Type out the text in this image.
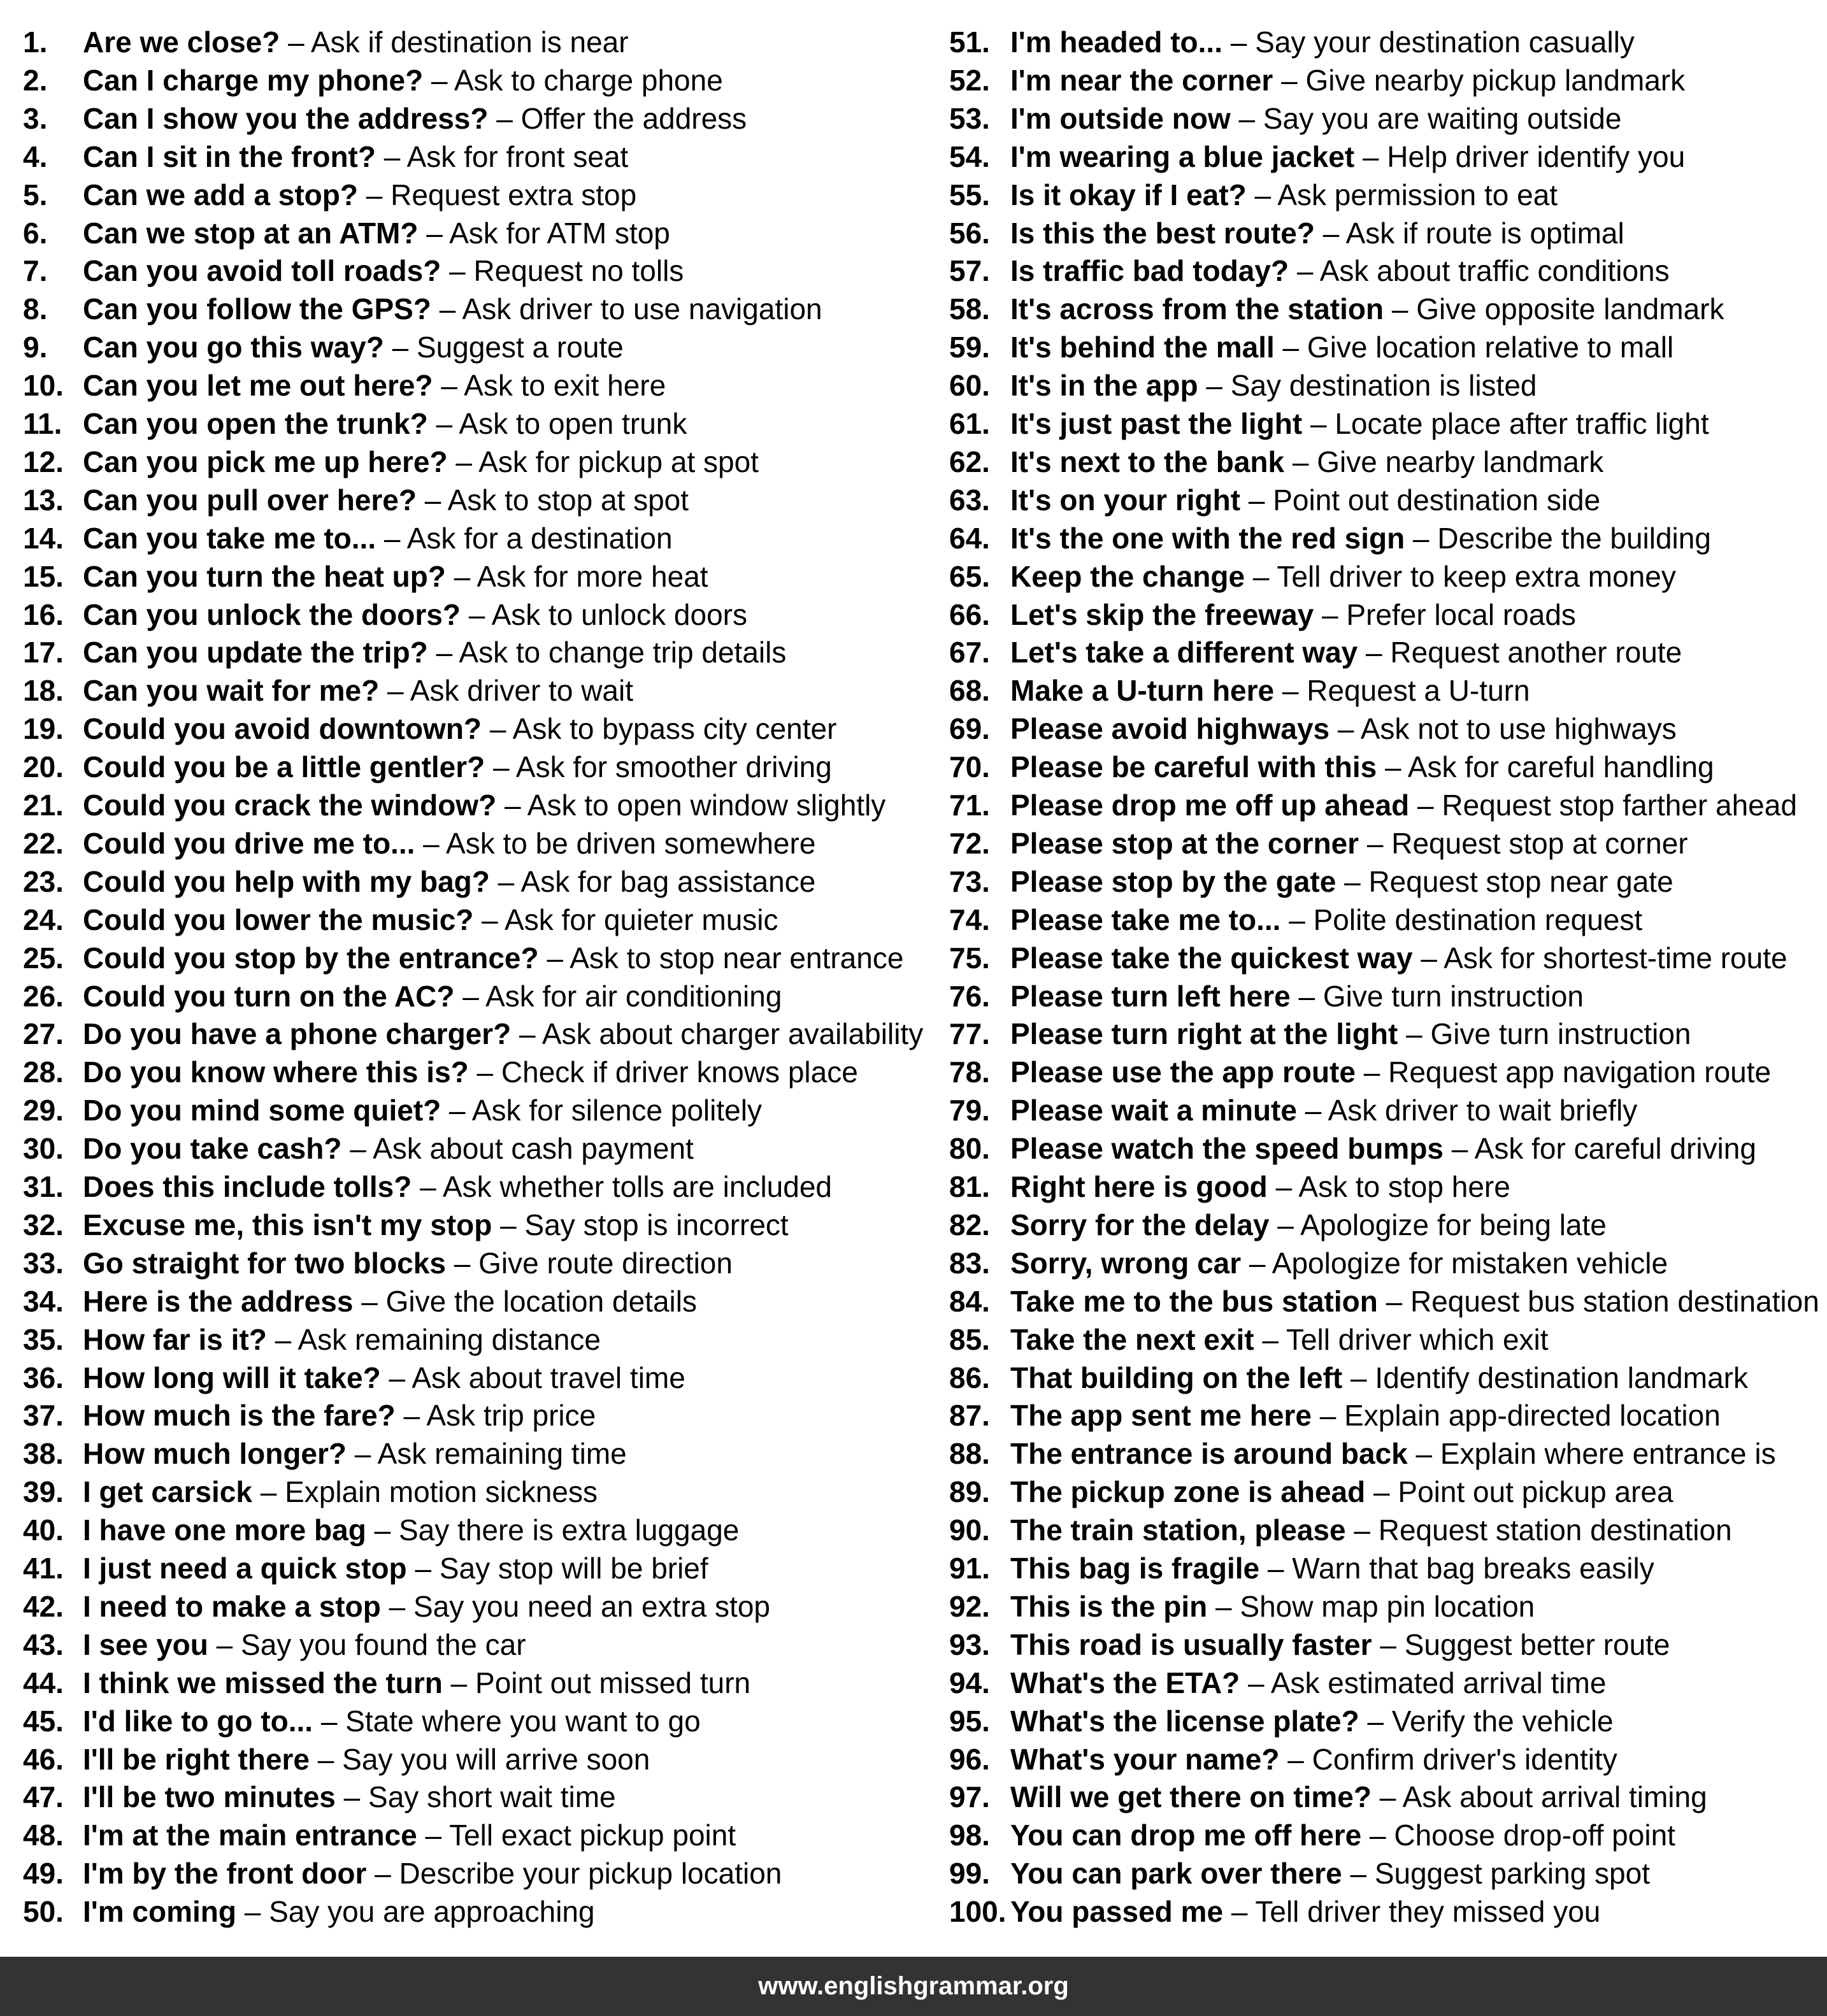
1. Are we close? – Ask if destination is near
2. Can I charge my phone? – Ask to charge phone
3. Can I show you the address? – Offer the address
4. Can I sit in the front? – Ask for front seat
5. Can we add a stop? – Request extra stop
6. Can we stop at an ATM? – Ask for ATM stop
7. Can you avoid toll roads? – Request no tolls
8. Can you follow the GPS? – Ask driver to use navigation
9. Can you go this way? – Suggest a route
10. Can you let me out here? – Ask to exit here
11. Can you open the trunk? – Ask to open trunk
12. Can you pick me up here? – Ask for pickup at spot
13. Can you pull over here? – Ask to stop at spot
14. Can you take me to... – Ask for a destination
15. Can you turn the heat up? – Ask for more heat
16. Can you unlock the doors? – Ask to unlock doors
17. Can you update the trip? – Ask to change trip details
18. Can you wait for me? – Ask driver to wait
19. Could you avoid downtown? – Ask to bypass city center
20. Could you be a little gentler? – Ask for smoother driving
21. Could you crack the window? – Ask to open window slightly
22. Could you drive me to... – Ask to be driven somewhere
23. Could you help with my bag? – Ask for bag assistance
24. Could you lower the music? – Ask for quieter music
25. Could you stop by the entrance? – Ask to stop near entrance
26. Could you turn on the AC? – Ask for air conditioning
27. Do you have a phone charger? – Ask about charger availability
28. Do you know where this is? – Check if driver knows place
29. Do you mind some quiet? – Ask for silence politely
30. Do you take cash? – Ask about cash payment
31. Does this include tolls? – Ask whether tolls are included
32. Excuse me, this isn't my stop – Say stop is incorrect
33. Go straight for two blocks – Give route direction
34. Here is the address – Give the location details
35. How far is it? – Ask remaining distance
36. How long will it take? – Ask about travel time
37. How much is the fare? – Ask trip price
38. How much longer? – Ask remaining time
39. I get carsick – Explain motion sickness
40. I have one more bag – Say there is extra luggage
41. I just need a quick stop – Say stop will be brief
42. I need to make a stop – Say you need an extra stop
43. I see you – Say you found the car
44. I think we missed the turn – Point out missed turn
45. I'd like to go to... – State where you want to go
46. I'll be right there – Say you will arrive soon
47. I'll be two minutes – Say short wait time
48. I'm at the main entrance – Tell exact pickup point
49. I'm by the front door – Describe your pickup location
50. I'm coming – Say you are approaching
51. I'm headed to... – Say your destination casually
52. I'm near the corner – Give nearby pickup landmark
53. I'm outside now – Say you are waiting outside
54. I'm wearing a blue jacket – Help driver identify you
55. Is it okay if I eat? – Ask permission to eat
56. Is this the best route? – Ask if route is optimal
57. Is traffic bad today? – Ask about traffic conditions
58. It's across from the station – Give opposite landmark
59. It's behind the mall – Give location relative to mall
60. It's in the app – Say destination is listed
61. It's just past the light – Locate place after traffic light
62. It's next to the bank – Give nearby landmark
63. It's on your right – Point out destination side
64. It's the one with the red sign – Describe the building
65. Keep the change – Tell driver to keep extra money
66. Let's skip the freeway – Prefer local roads
67. Let's take a different way – Request another route
68. Make a U-turn here – Request a U-turn
69. Please avoid highways – Ask not to use highways
70. Please be careful with this – Ask for careful handling
71. Please drop me off up ahead – Request stop farther ahead
72. Please stop at the corner – Request stop at corner
73. Please stop by the gate – Request stop near gate
74. Please take me to... – Polite destination request
75. Please take the quickest way – Ask for shortest-time route
76. Please turn left here – Give turn instruction
77. Please turn right at the light – Give turn instruction
78. Please use the app route – Request app navigation route
79. Please wait a minute – Ask driver to wait briefly
80. Please watch the speed bumps – Ask for careful driving
81. Right here is good – Ask to stop here
82. Sorry for the delay – Apologize for being late
83. Sorry, wrong car – Apologize for mistaken vehicle
84. Take me to the bus station – Request bus station destination
85. Take the next exit – Tell driver which exit
86. That building on the left – Identify destination landmark
87. The app sent me here – Explain app-directed location
88. The entrance is around back – Explain where entrance is
89. The pickup zone is ahead – Point out pickup area
90. The train station, please – Request station destination
91. This bag is fragile – Warn that bag breaks easily
92. This is the pin – Show map pin location
93. This road is usually faster – Suggest better route
94. What's the ETA? – Ask estimated arrival time
95. What's the license plate? – Verify the vehicle
96. What's your name? – Confirm driver's identity
97. Will we get there on time? – Ask about arrival timing
98. You can drop me off here – Choose drop-off point
99. You can park over there – Suggest parking spot
100. You passed me – Tell driver they missed you
www.englishgrammar.org
